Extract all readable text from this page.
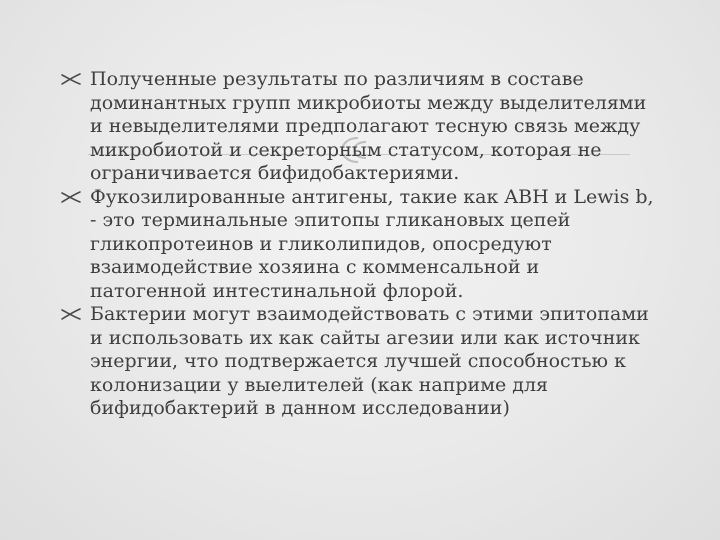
Полученные результаты по различиям в составе доминантных групп микробиоты между выделителями и невыделителями предполагают тесную связь между микробиотой и секреторным статусом, которая не ограничивается бифидобактериями.
Фукозилированные антигены, такие как ABH и Lewis b, - это терминальные эпитопы гликановых цепей гликопротеинов и гликолипидов, опосредуют взаимодействие хозяина с комменсальной и патогенной интестинальной флорой.
Бактерии могут взаимодействовать с этими эпитопами и использовать их как сайты агезии или как источник энергии, что подтвержается лучшей способностью к колонизации у выелителей (как наприме для бифидобактерий в данном исследовании)
